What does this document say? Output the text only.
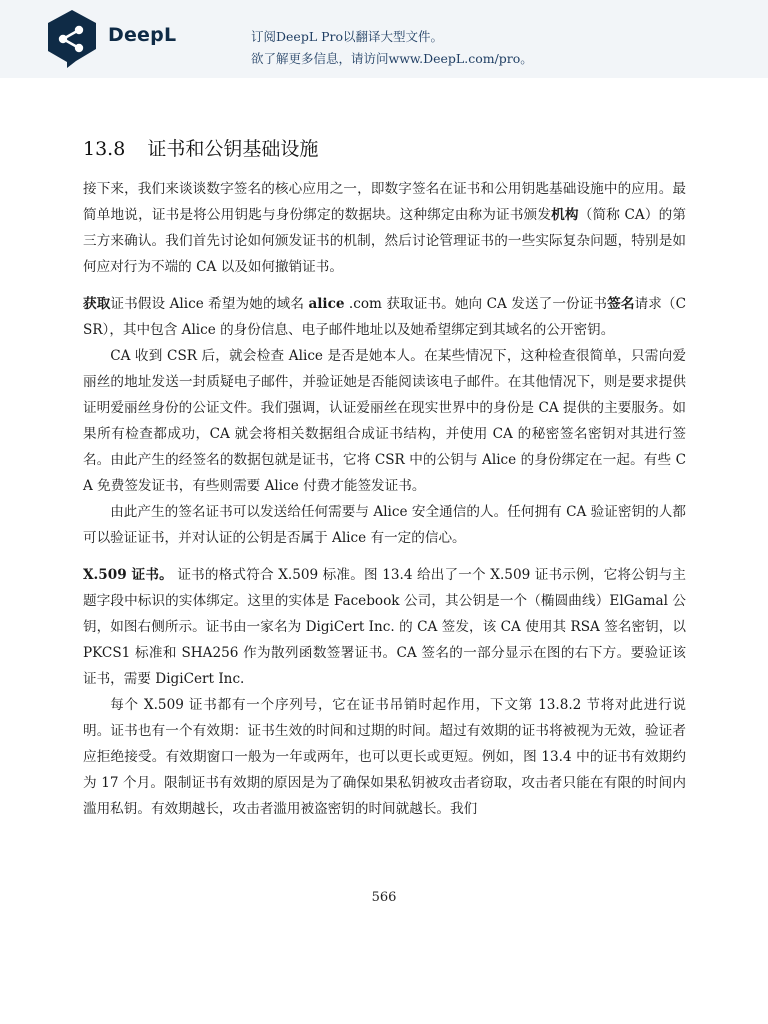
DeepL	订阅DeepL Pro以翻译大型文件。
欲了解更多信息，请访问www.DeepL.com/pro。
13.8 证书和公钥基础设施

接下来，我们来谈谈数字签名的核心应用之一，即数字签名在证书和公用钥匙基础设施中的应用。最简单地说，证书是将公用钥匙与身份绑定的数据块。这种绑定由称为证书颁发机构（简称 CA）的第三方来确认。我们首先讨论如何颁发证书的机制，然后讨论管理证书的一些实际复杂问题，特别是如何应对行为不端的 CA 以及如何撤销证书。

获取证书假设 Alice 希望为她的域名 alice .com 获取证书。她向 CA 发送了一份证书签名请求（CSR），其中包含 Alice 的身份信息、电子邮件地址以及她希望绑定到其域名的公开密钥。

CA 收到 CSR 后，就会检查 Alice 是否是她本人。在某些情况下，这种检查很简单，只需向爱丽丝的地址发送一封质疑电子邮件，并验证她是否能阅读该电子邮件。在其他情况下，则是要求提供证明爱丽丝身份的公证文件。我们强调，认证爱丽丝在现实世界中的身份是 CA 提供的主要服务。如果所有检查都成功，CA 就会将相关数据组合成证书结构，并使用 CA 的秘密签名密钥对其进行签名。由此产生的经签名的数据包就是证书，它将 CSR 中的公钥与 Alice 的身份绑定在一起。有些 CA 免费签发证书，有些则需要 Alice 付费才能签发证书。

由此产生的签名证书可以发送给任何需要与 Alice 安全通信的人。任何拥有 CA 验证密钥的人都可以验证证书，并对认证的公钥是否属于 Alice 有一定的信心。

X.509 证书。 证书的格式符合 X.509 标准。图 13.4 给出了一个 X.509 证书示例，它将公钥与主题字段中标识的实体绑定。这里的实体是 Facebook 公司，其公钥是一个（椭圆曲线）ElGamal 公钥，如图右侧所示。证书由一家名为 DigiCert Inc. 的 CA 签发，该 CA 使用其 RSA 签名密钥，以 PKCS1 标准和 SHA256 作为散列函数签署证书。CA 签名的一部分显示在图的右下方。要验证该证书，需要 DigiCert Inc.

每个 X.509 证书都有一个序列号，它在证书吊销时起作用，下文第 13.8.2 节将对此进行说明。证书也有一个有效期：证书生效的时间和过期的时间。超过有效期的证书将被视为无效，验证者应拒绝接受。有效期窗口一般为一年或两年，也可以更长或更短。例如，图 13.4 中的证书有效期约为 17 个月。限制证书有效期的原因是为了确保如果私钥被攻击者窃取，攻击者只能在有限的时间内滥用私钥。有效期越长，攻击者滥用被盗密钥的时间就越长。我们

566
